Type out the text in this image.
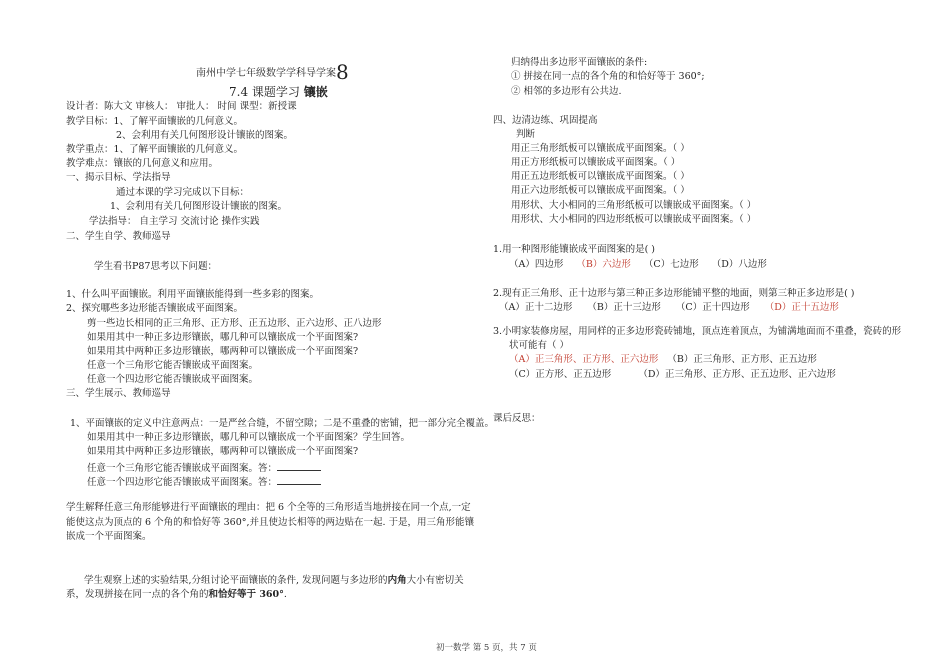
南州中学七年级数学学科导学案8
7.4 课题学习 镶嵌
设计者：陈大文 审核人： 审批人： 时间 课型：新授课
教学目标：1、了解平面镶嵌的几何意义。
2、会利用有关几何图形设计镶嵌的图案。
教学重点：1、了解平面镶嵌的几何意义。
教学难点：镶嵌的几何意义和应用。
一、揭示目标、学法指导
通过本课的学习完成以下目标：
1、会利用有关几何图形设计镶嵌的图案。
学法指导： 自主学习 交流讨论 操作实践
二、学生自学、教师巡导
学生看书P87思考以下问题：
1、什么叫平面镶嵌。利用平面镶嵌能得到一些多彩的图案。
2、探究哪些多边形能否镶嵌成平面图案。
剪一些边长相同的正三角形、正方形、正五边形、正六边形、正八边形
如果用其中一种正多边形镶嵌，哪几种可以镶嵌成一个平面图案?
如果用其中两种正多边形镶嵌，哪两种可以镶嵌成一个平面图案?
任意一个三角形它能否镶嵌成平面图案。
任意一个四边形它能否镶嵌成平面图案。
三、学生展示、教师巡导
1、平面镶嵌的定义中注意两点：一是严丝合缝，不留空隙；二是不重叠的密铺，把一部分完全覆盖。
如果用其中一种正多边形镶嵌，哪几种可以镶嵌成一个平面图案？学生回答。
如果用其中两种正多边形镶嵌，哪两种可以镶嵌成一个平面图案?
任意一个三角形它能否镶嵌成平面图案。答：
任意一个四边形它能否镶嵌成平面图案。答：
学生解释任意三角形能够进行平面镶嵌的理由：把 6 个全等的三角形适当地拼接在同一个点,一定
能使这点为顶点的 6 个角的和恰好等 360°,并且使边长相等的两边贴在一起. 于是，用三角形能镶
嵌成一个平面图案。
学生观察上述的实验结果,分组讨论平面镶嵌的条件, 发现问题与多边形的内角大小有密切关
系，发现拼接在同一点的各个角的和恰好等于 360°.
归纳得出多边形平面镶嵌的条件:
① 拼接在同一点的各个角的和恰好等于 360°;
② 相邻的多边形有公共边.
四、边清边练、巩固提高
判断
用正三角形纸板可以镶嵌成平面图案。（ ）
用正方形纸板可以镶嵌成平面图案。（ ）
用正五边形纸板可以镶嵌成平面图案。（ ）
用正六边形纸板可以镶嵌成平面图案。（ ）
用形状、大小相同的三角形纸板可以镶嵌成平面图案。（ ）
用形状、大小相同的四边形纸板可以镶嵌成平面图案。（ ）
1.用一种图形能镶嵌成平面图案的是( )
（A）四边形 （B）六边形 （C）七边形 （D）八边形
2.现有正三角形、正十边形与第三种正多边形能铺平整的地面，则第三种正多边形是( )
（A）正十二边形 （B）正十三边形 （C）正十四边形 （D）正十五边形
3.小明家装修房屋，用同样的正多边形瓷砖铺地，顶点连着顶点，为铺满地面而不重叠，瓷砖的形
状可能有（ ）
（A）正三角形、正方形、正六边形 （B）正三角形、正方形、正五边形
（C）正方形、正五边形	（D）正三角形、正方形、正五边形、正六边形
课后反思：
初一数学 第 5 页，共 7 页
